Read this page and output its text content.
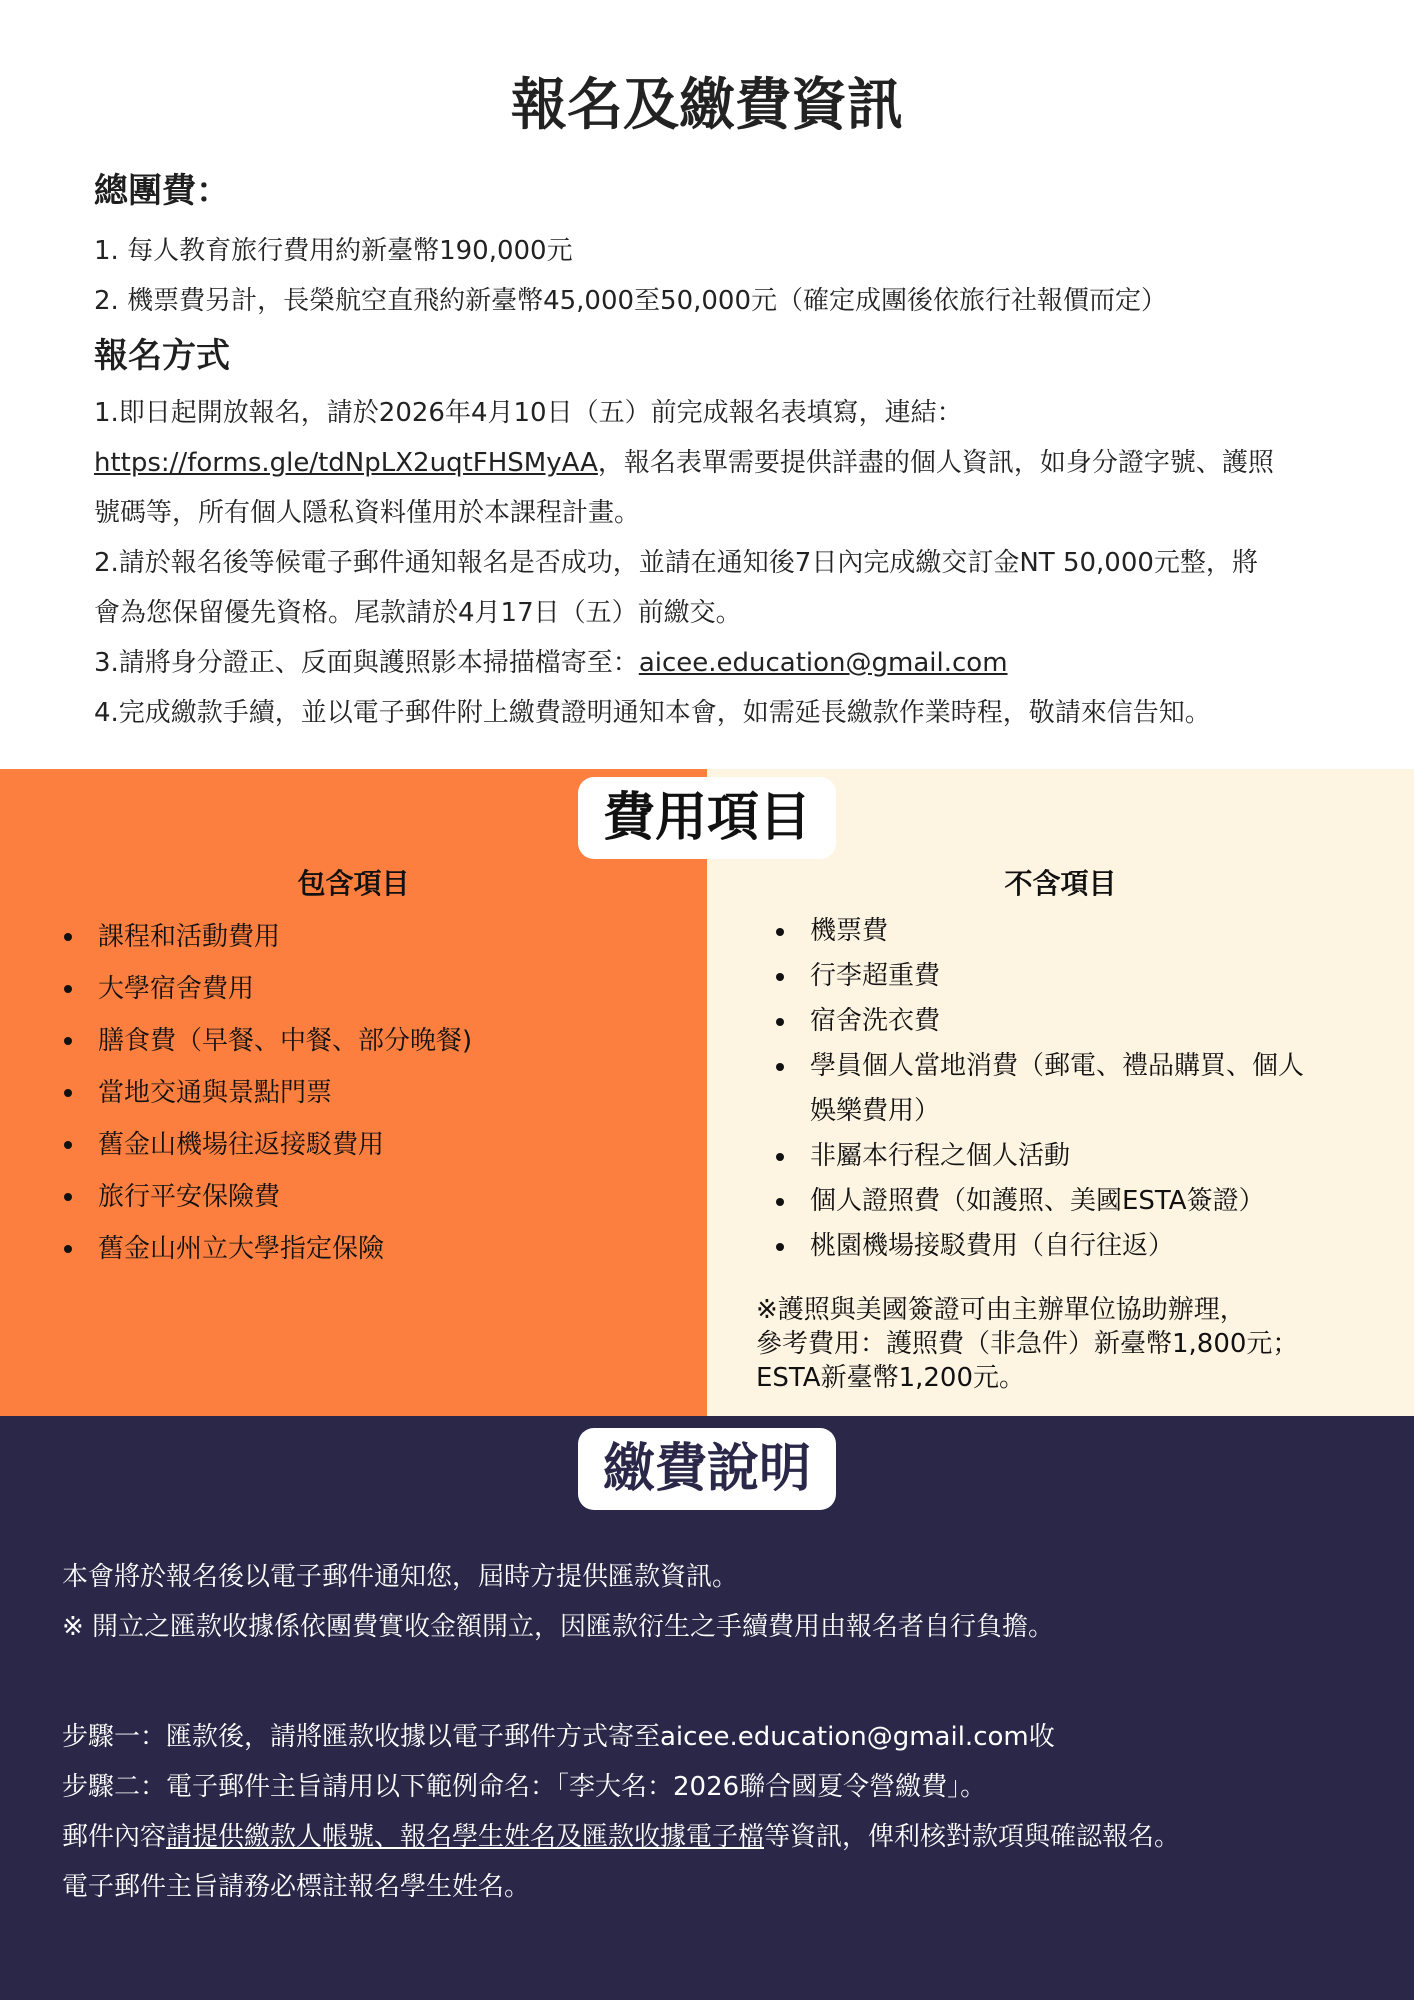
報名及繳費資訊
總團費：
1. 每人教育旅行費用約新臺幣190,000元
2. 機票費另計，長榮航空直飛約新臺幣45,000至50,000元（確定成團後依旅行社報價而定）
報名方式
1.即日起開放報名，請於2026年4月10日（五）前完成報名表填寫，連結：
https://forms.gle/tdNpLX2uqtFHSMyAA，報名表單需要提供詳盡的個人資訊，如身分證字號、護照
號碼等，所有個人隱私資料僅用於本課程計畫。
2.請於報名後等候電子郵件通知報名是否成功，並請在通知後7日內完成繳交訂金NT 50,000元整，將
會為您保留優先資格。尾款請於4月17日（五）前繳交。
3.請將身分證正、反面與護照影本掃描檔寄至：aicee.education@gmail.com
4.完成繳款手續，並以電子郵件附上繳費證明通知本會，如需延長繳款作業時程，敬請來信告知。
包含項目
課程和活動費用
大學宿舍費用
膳食費（早餐、中餐、部分晚餐)
當地交通與景點門票
舊金山機場往返接駁費用
旅行平安保險費
舊金山州立大學指定保險
不含項目
機票費
行李超重費
宿舍洗衣費
學員個人當地消費（郵電、禮品購買、個人
娛樂費用）
非屬本行程之個人活動
個人證照費（如護照、美國ESTA簽證）
桃園機場接駁費用（自行往返）
※護照與美國簽證可由主辦單位協助辦理，
參考費用：護照費（非急件）新臺幣1,800元；
ESTA新臺幣1,200元。
費用項目
繳費說明
本會將於報名後以電子郵件通知您，屆時方提供匯款資訊。
※ 開立之匯款收據係依團費實收金額開立，因匯款衍生之手續費用由報名者自行負擔。
步驟一：匯款後，請將匯款收據以電子郵件方式寄至aicee.education@gmail.com收
步驟二：電子郵件主旨請用以下範例命名：「李大名：2026聯合國夏令營繳費」。
郵件內容請提供繳款人帳號、報名學生姓名及匯款收據電子檔等資訊，俾利核對款項與確認報名。
電子郵件主旨請務必標註報名學生姓名。
